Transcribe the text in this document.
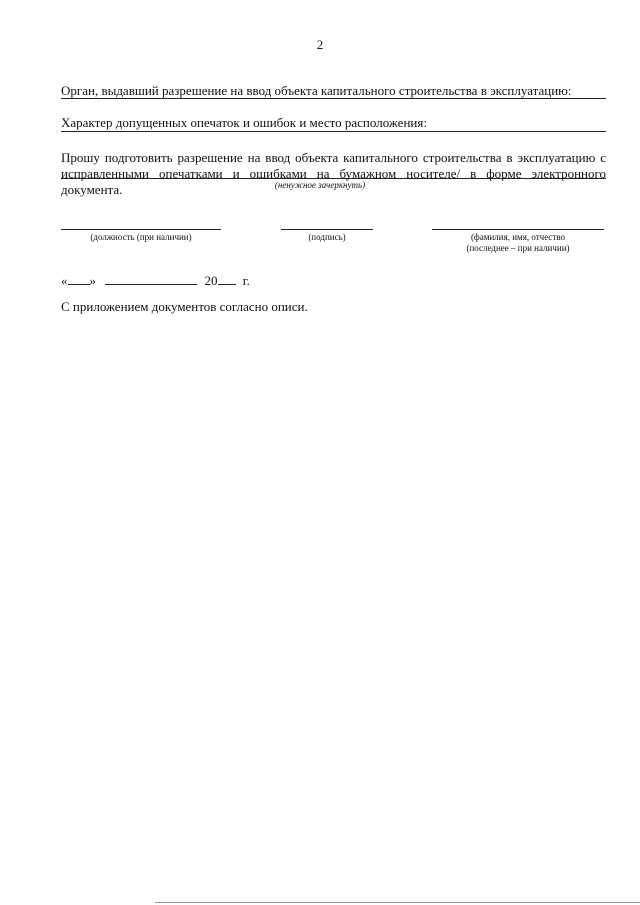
2
Орган, выдавший разрешение на ввод объекта капитального строительства в эксплуатацию:
Характер допущенных опечаток и ошибок и место расположения:
Прошу подготовить разрешение на ввод объекта капитального строительства в эксплуатацию с
исправленными опечатками и ошибками на бумажном носителе/ в форме электронного документа.	(ненужное зачеркнуть)
(должность (при наличии)	(подпись)	(фамилия, имя, отчество
(последнее – при наличии)
« »	20 г.
С приложением документов согласно описи.
